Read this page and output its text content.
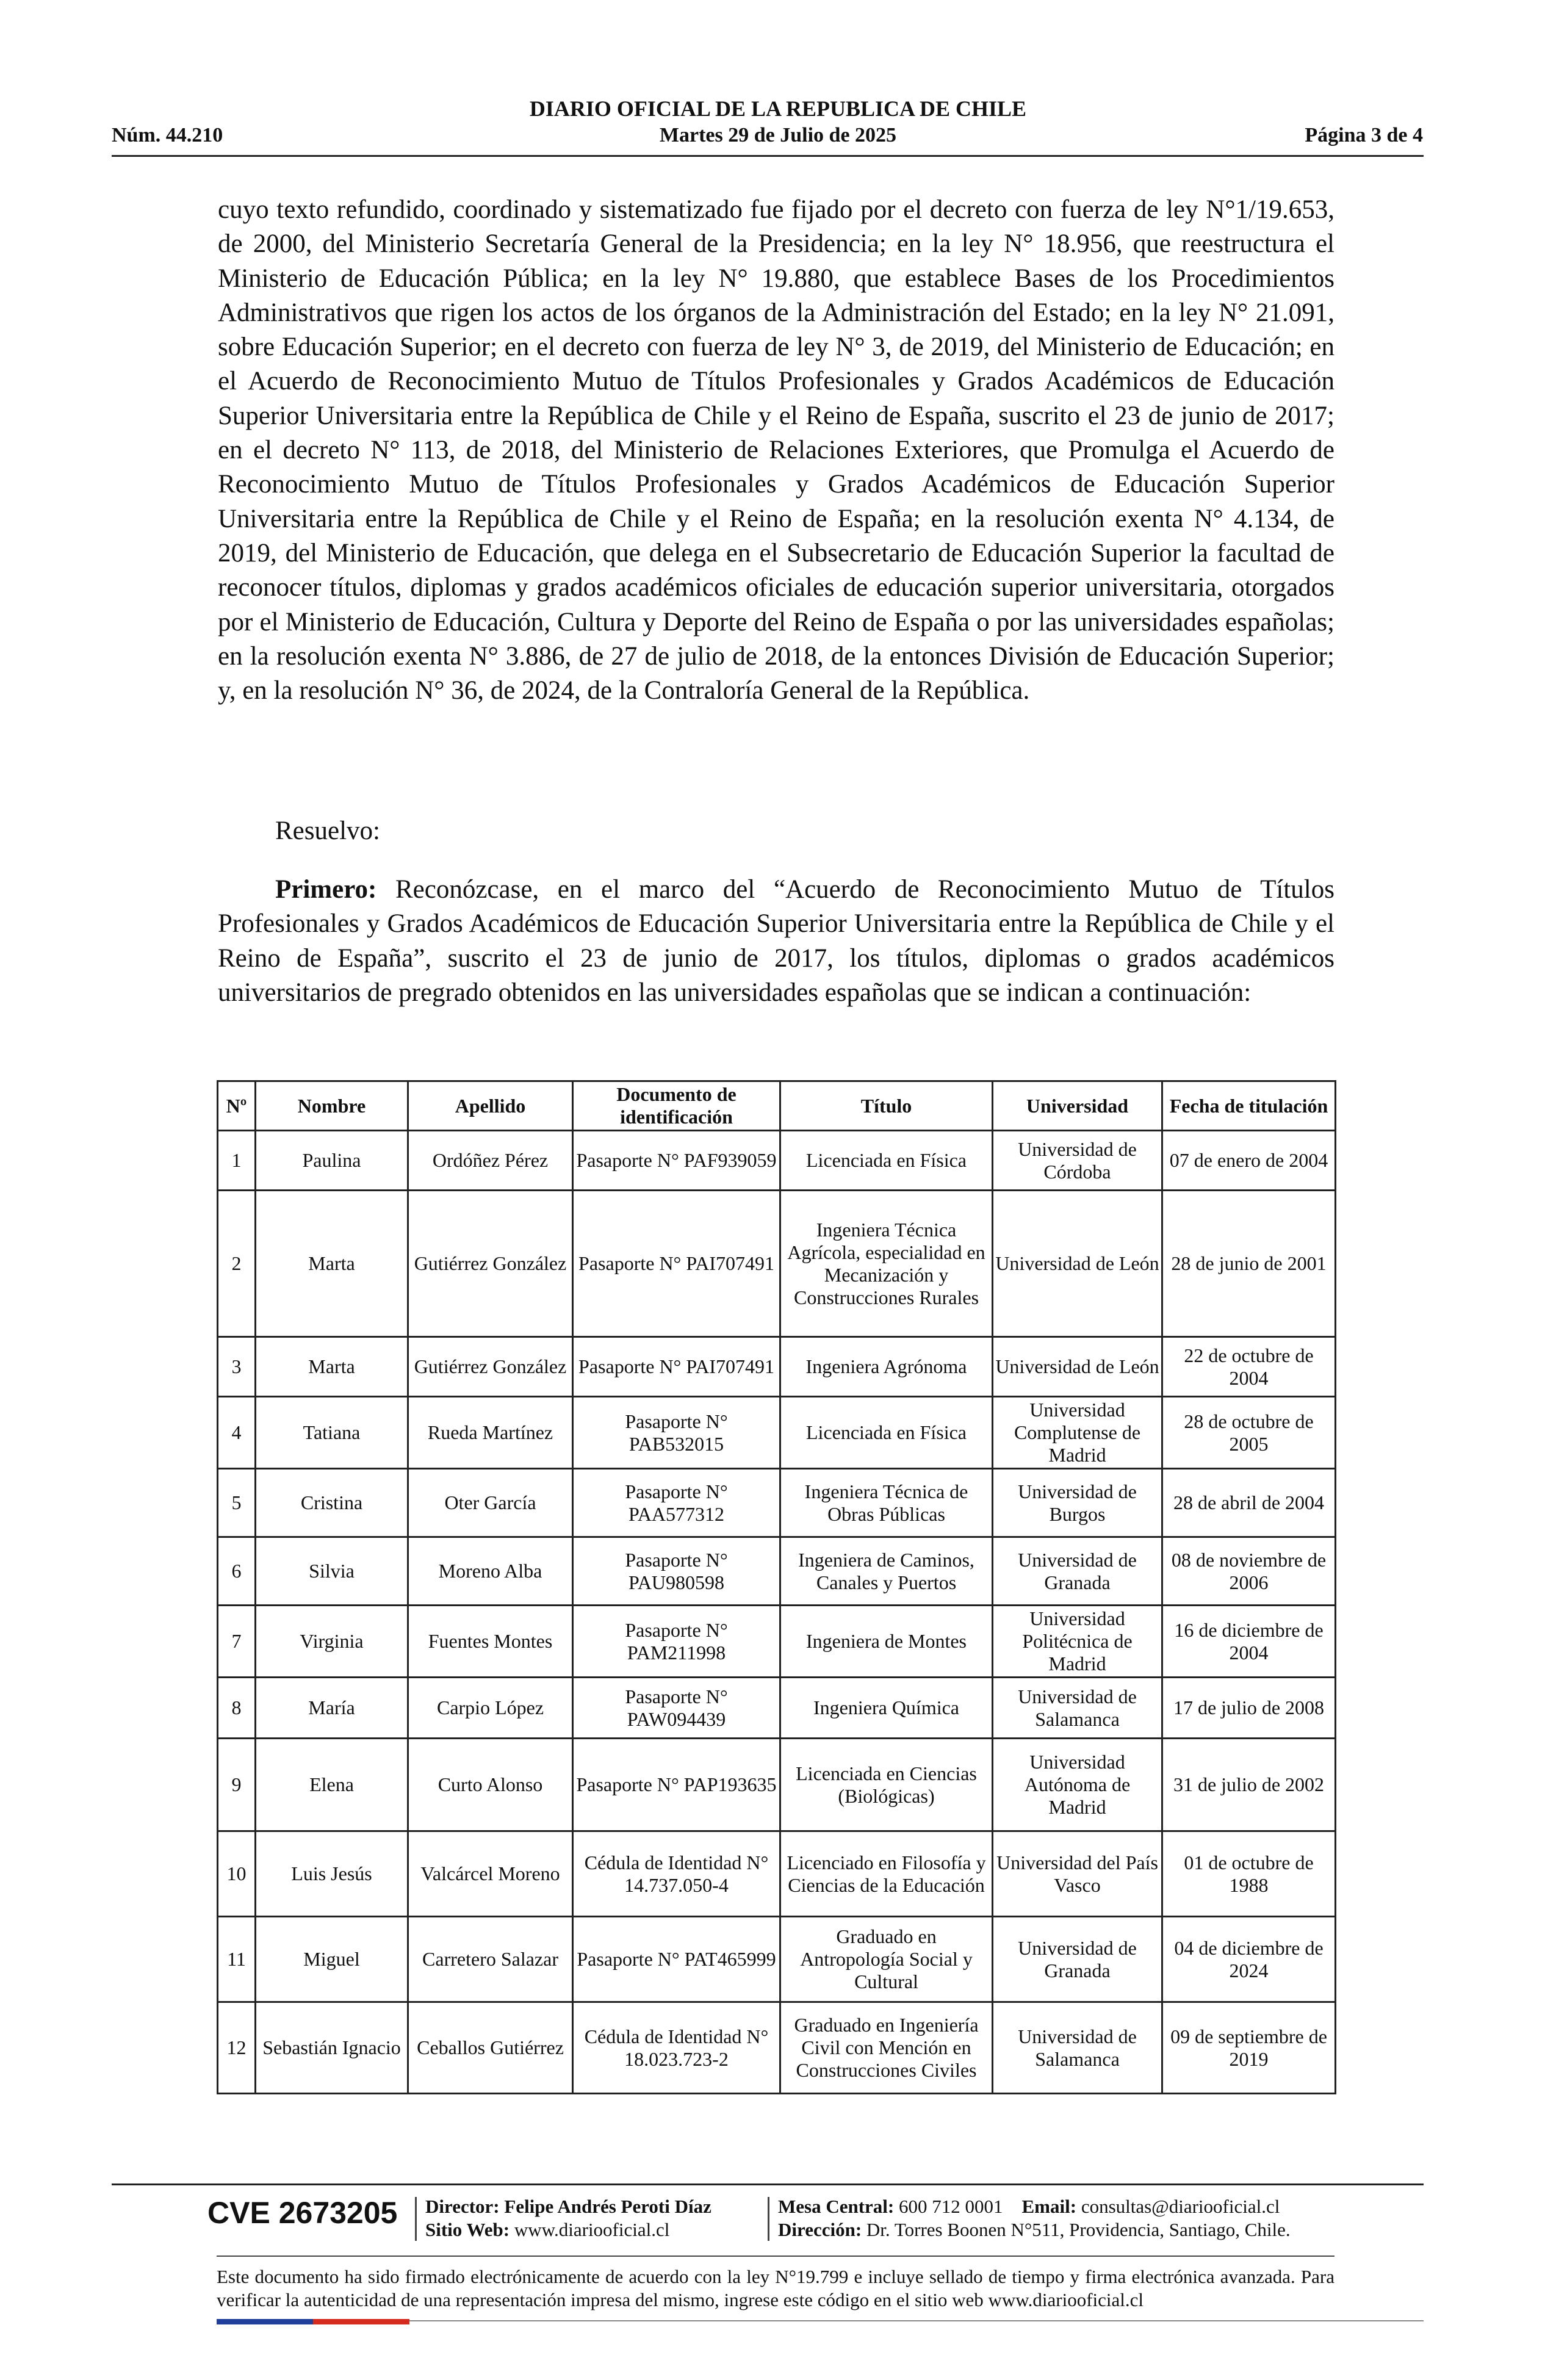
DIARIO OFICIAL DE LA REPUBLICA DE CHILE
Núm. 44.210	Martes 29 de Julio de 2025	Página 3 de 4
cuyo texto refundido, coordinado y sistematizado fue fijado por el decreto con fuerza de ley N°1/19.653, de 2000, del Ministerio Secretaría General de la Presidencia; en la ley N° 18.956, que reestructura el Ministerio de Educación Pública; en la ley N° 19.880, que establece Bases de los Procedimientos Administrativos que rigen los actos de los órganos de la Administración del Estado; en la ley N° 21.091, sobre Educación Superior; en el decreto con fuerza de ley N° 3, de 2019, del Ministerio de Educación; en el Acuerdo de Reconocimiento Mutuo de Títulos Profesionales y Grados Académicos de Educación Superior Universitaria entre la República de Chile y el Reino de España, suscrito el 23 de junio de 2017; en el decreto N° 113, de 2018, del Ministerio de Relaciones Exteriores, que Promulga el Acuerdo de Reconocimiento Mutuo de Títulos Profesionales y Grados Académicos de Educación Superior Universitaria entre la República de Chile y el Reino de España; en la resolución exenta N° 4.134, de 2019, del Ministerio de Educación, que delega en el Subsecretario de Educación Superior la facultad de reconocer títulos, diplomas y grados académicos oficiales de educación superior universitaria, otorgados por el Ministerio de Educación, Cultura y Deporte del Reino de España o por las universidades españolas; en la resolución exenta N° 3.886, de 27 de julio de 2018, de la entonces División de Educación Superior; y, en la resolución N° 36, de 2024, de la Contraloría General de la República.
Resuelvo:
Primero: Reconózcase, en el marco del “Acuerdo de Reconocimiento Mutuo de Títulos Profesionales y Grados Académicos de Educación Superior Universitaria entre la República de Chile y el Reino de España”, suscrito el 23 de junio de 2017, los títulos, diplomas o grados académicos universitarios de pregrado obtenidos en las universidades españolas que se indican a continuación:
Nº	Nombre	Apellido	Documento de identificación	Título	Universidad	Fecha de titulación
1	Paulina	Ordóñez Pérez	Pasaporte N° PAF939059	Licenciada en Física	Universidad de Córdoba	07 de enero de 2004
2	Marta	Gutiérrez González	Pasaporte N° PAI707491	Ingeniera Técnica Agrícola, especialidad en Mecanización y Construcciones Rurales	Universidad de León	28 de junio de 2001
3	Marta	Gutiérrez González	Pasaporte N° PAI707491	Ingeniera Agrónoma	Universidad de León	22 de octubre de 2004
4	Tatiana	Rueda Martínez	Pasaporte N° PAB532015	Licenciada en Física	Universidad Complutense de Madrid	28 de octubre de 2005
5	Cristina	Oter García	Pasaporte N° PAA577312	Ingeniera Técnica de Obras Públicas	Universidad de Burgos	28 de abril de 2004
6	Silvia	Moreno Alba	Pasaporte N° PAU980598	Ingeniera de Caminos, Canales y Puertos	Universidad de Granada	08 de noviembre de 2006
7	Virginia	Fuentes Montes	Pasaporte N° PAM211998	Ingeniera de Montes	Universidad Politécnica de Madrid	16 de diciembre de 2004
8	María	Carpio López	Pasaporte N° PAW094439	Ingeniera Química	Universidad de Salamanca	17 de julio de 2008
9	Elena	Curto Alonso	Pasaporte N° PAP193635	Licenciada en Ciencias (Biológicas)	Universidad Autónoma de Madrid	31 de julio de 2002
10	Luis Jesús	Valcárcel Moreno	Cédula de Identidad N° 14.737.050-4	Licenciado en Filosofía y Ciencias de la Educación	Universidad del País Vasco	01 de octubre de 1988
11	Miguel	Carretero Salazar	Pasaporte N° PAT465999	Graduado en Antropología Social y Cultural	Universidad de Granada	04 de diciembre de 2024
12	Sebastián Ignacio	Ceballos Gutiérrez	Cédula de Identidad N° 18.023.723-2	Graduado en Ingeniería Civil con Mención en Construcciones Civiles	Universidad de Salamanca	09 de septiembre de 2019
CVE 2673205 Director: Felipe Andrés Peroti Díaz
Sitio Web: www.diariooficial.cl
Mesa Central: 600 712 0001 Email: consultas@diariooficial.cl
Dirección: Dr. Torres Boonen N°511, Providencia, Santiago, Chile.
Este documento ha sido firmado electrónicamente de acuerdo con la ley N°19.799 e incluye sellado de tiempo y firma electrónica avanzada. Para verificar la autenticidad de una representación impresa del mismo, ingrese este código en el sitio web www.diariooficial.cl
